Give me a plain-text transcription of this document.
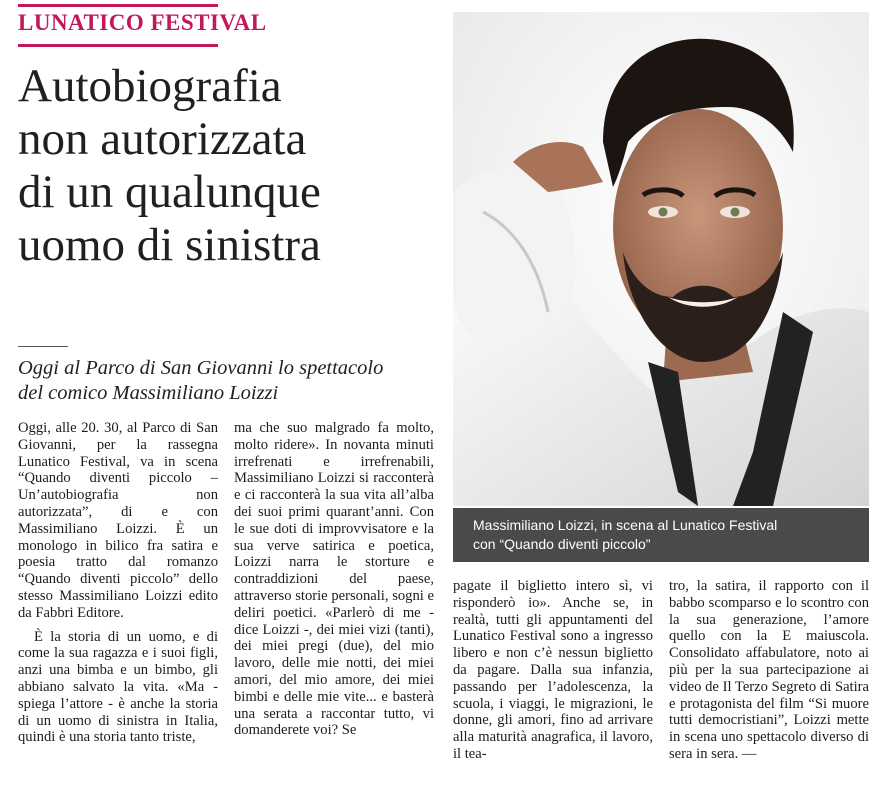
LUNATICO FESTIVAL
Autobiografia
non autorizzata
di un qualunque
uomo di sinistra
Oggi al Parco di San Giovanni lo spettacolo
del comico Massimiliano Loizzi

Oggi, alle 20. 30, al Parco di San Giovanni, per la rassegna Lunatico Festival, va in scena “Quando diventi piccolo – Un’autobiografia non autorizzata”, di e con Massimiliano Loizzi. È un monologo in bilico fra satira e poesia tratto dal romanzo “Quando diventi piccolo” dello stesso Massimiliano Loizzi edito da Fabbri Editore.

È la storia di un uomo, e di come la sua ragazza e i suoi figli, anzi una bimba e un bimbo, gli abbiano salvato la vita. «Ma - spiega l’attore - è anche la storia di un uomo di sinistra in Italia, quindi è una storia tanto triste,

ma che suo malgrado fa molto, molto ridere». In novanta minuti irrefrenati e irrefrenabili, Massimiliano Loizzi si racconterà e ci racconterà la sua vita all’alba dei suoi primi quarant’anni. Con le sue doti di improvvisatore e la sua verve satirica e poetica, Loizzi narra le storture e contraddizioni del paese, attraverso storie personali, sogni e deliri poetici. «Parlerò di me - dice Loizzi -, dei miei vizi (tanti), dei miei pregi (due), del mio lavoro, delle mie notti, dei miei amori, del mio amore, dei miei bimbi e delle mie vite... e basterà una serata a raccontar tutto, vi domanderete voi? Se

pagate il biglietto intero sì, vi risponderò io». Anche se, in realtà, tutti gli appuntamenti del Lunatico Festival sono a ingresso libero e non c’è nessun biglietto da pagare. Dalla sua infanzia, passando per l’adolescenza, la scuola, i viaggi, le migrazioni, le donne, gli amori, fino ad arrivare alla maturità anagrafica, il lavoro, il tea-

tro, la satira, il rapporto con il babbo scomparso e lo scontro con la sua generazione, l’amore quello con la E maiuscola. Consolidato affabulatore, noto ai più per la sua partecipazione ai video de Il Terzo Segreto di Satira e protagonista del film “Si muore tutti democristiani”, Loizzi mette in scena uno spettacolo diverso di sera in sera. —

Massimiliano Loizzi, in scena al Lunatico Festival
con “Quando diventi piccolo”
